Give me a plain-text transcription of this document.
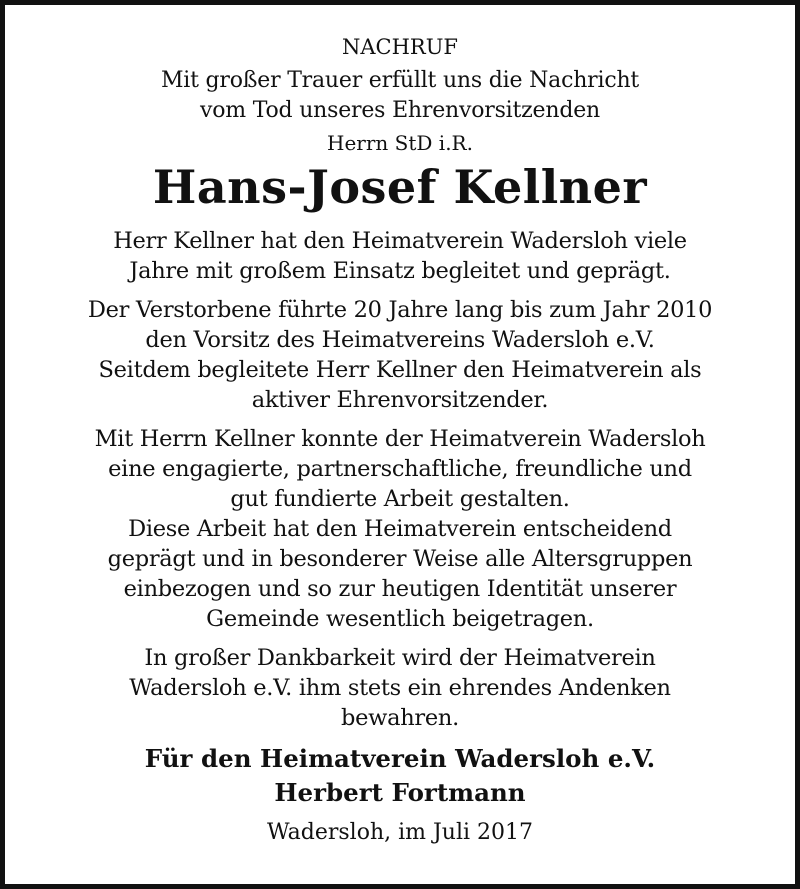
NACHRUF
Mit großer Trauer erfüllt uns die Nachricht
vom Tod unseres Ehrenvorsitzenden
Herrn StD i.R.
Hans-Josef Kellner
Herr Kellner hat den Heimatverein Wadersloh viele
Jahre mit großem Einsatz begleitet und geprägt.
Der Verstorbene führte 20 Jahre lang bis zum Jahr 2010
den Vorsitz des Heimatvereins Wadersloh e.V.
Seitdem begleitete Herr Kellner den Heimatverein als
aktiver Ehrenvorsitzender.
Mit Herrn Kellner konnte der Heimatverein Wadersloh
eine engagierte, partnerschaftliche, freundliche und
gut fundierte Arbeit gestalten.
Diese Arbeit hat den Heimatverein entscheidend
geprägt und in besonderer Weise alle Altersgruppen
einbezogen und so zur heutigen Identität unserer
Gemeinde wesentlich beigetragen.
In großer Dankbarkeit wird der Heimatverein
Wadersloh e.V. ihm stets ein ehrendes Andenken
bewahren.
Für den Heimatverein Wadersloh e.V.
Herbert Fortmann
Wadersloh, im Juli 2017
